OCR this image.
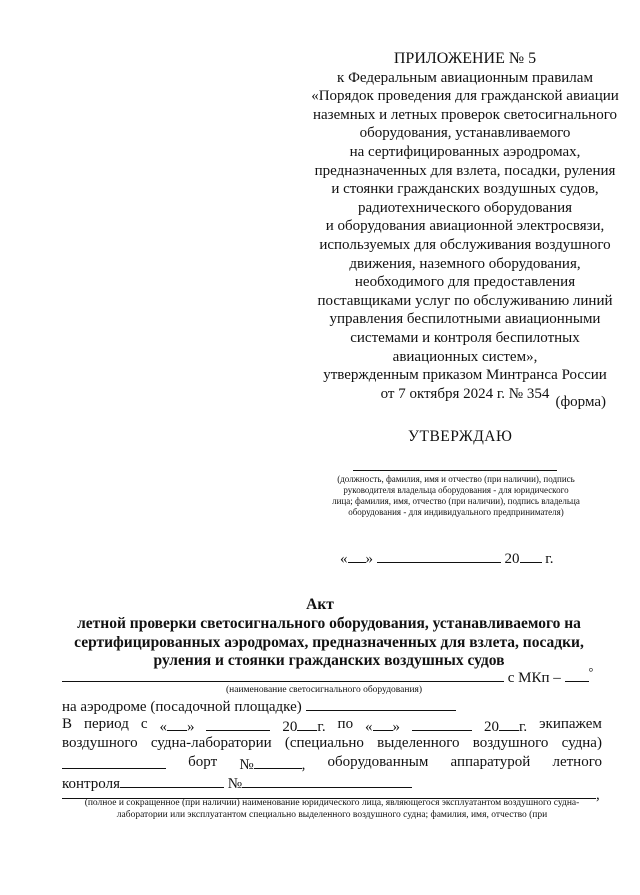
ПРИЛОЖЕНИЕ № 5
к Федеральным авиационным правилам
«Порядок проведения для гражданской авиации
наземных и летных проверок светосигнального
оборудования, устанавливаемого
на сертифицированных аэродромах,
предназначенных для взлета, посадки, руления
и стоянки гражданских воздушных судов,
радиотехнического оборудования
и оборудования авиационной электросвязи,
используемых для обслуживания воздушного
движения, наземного оборудования,
необходимого для предоставления
поставщиками услуг по обслуживанию линий
управления беспилотными авиационными
системами и контроля беспилотных
авиационных систем»,
утвержденным приказом Минтранса России
от 7 октября 2024 г. № 354
(форма)
УТВЕРЖДАЮ
(должность, фамилия, имя и отчество (при наличии), подпись руководителя владельца оборудования - для юридического лица; фамилия, имя, отчество (при наличии), подпись владельца оборудования - для индивидуального предпринимателя)
« »	20 г.
Акт
летной проверки светосигнального оборудования, устанавливаемого на
сертифицированных аэродромах, предназначенных для взлета, посадки,
руления и стоянки гражданских воздушных судов
с МКп – °
(наименование светосигнального оборудования)
на аэродроме (посадочной площадке)
В период с « »	20 г. по « »	20 г. экипажем
воздушного судна-лаборатории (специально выделенного воздушного судна)
борт №	, оборудованным аппаратурой летного
контроля	№
,
(полное и сокращенное (при наличии) наименование юридического лица, являющегося эксплуатантом воздушного судна-лаборатории или эксплуатантом специально выделенного воздушного судна; фамилия, имя, отчество (при
